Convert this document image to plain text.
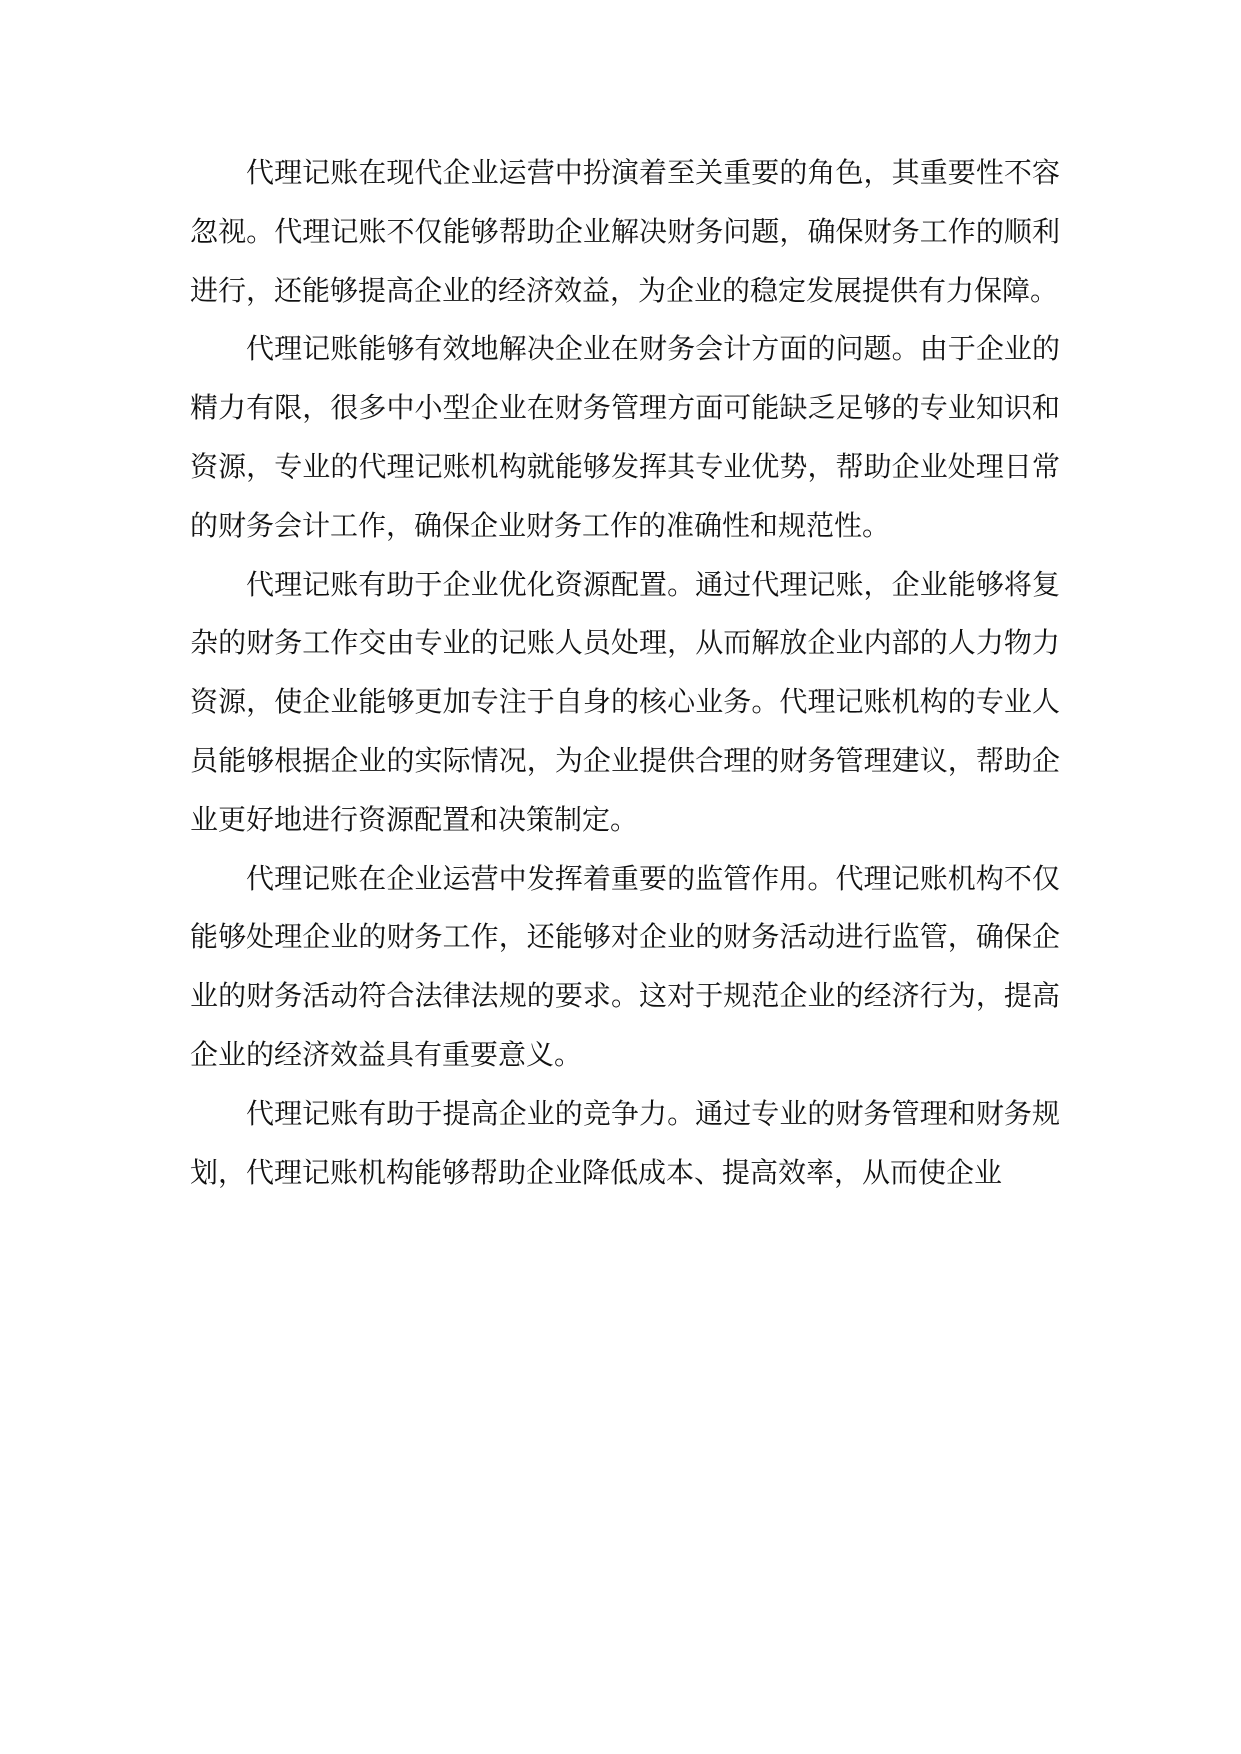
代理记账在现代企业运营中扮演着至关重要的角色，其重要性不容忽视。代理记账不仅能够帮助企业解决财务问题，确保财务工作的顺利进行，还能够提高企业的经济效益，为企业的稳定发展提供有力保障。

代理记账能够有效地解决企业在财务会计方面的问题。由于企业的精力有限，很多中小型企业在财务管理方面可能缺乏足够的专业知识和资源，专业的代理记账机构就能够发挥其专业优势，帮助企业处理日常的财务会计工作，确保企业财务工作的准确性和规范性。

代理记账有助于企业优化资源配置。通过代理记账，企业能够将复杂的财务工作交由专业的记账人员处理，从而解放企业内部的人力物力资源，使企业能够更加专注于自身的核心业务。代理记账机构的专业人员能够根据企业的实际情况，为企业提供合理的财务管理建议，帮助企业更好地进行资源配置和决策制定。

代理记账在企业运营中发挥着重要的监管作用。代理记账机构不仅能够处理企业的财务工作，还能够对企业的财务活动进行监管，确保企业的财务活动符合法律法规的要求。这对于规范企业的经济行为，提高企业的经济效益具有重要意义。

代理记账有助于提高企业的竞争力。通过专业的财务管理和财务规划，代理记账机构能够帮助企业降低成本、提高效率，从而使企业
